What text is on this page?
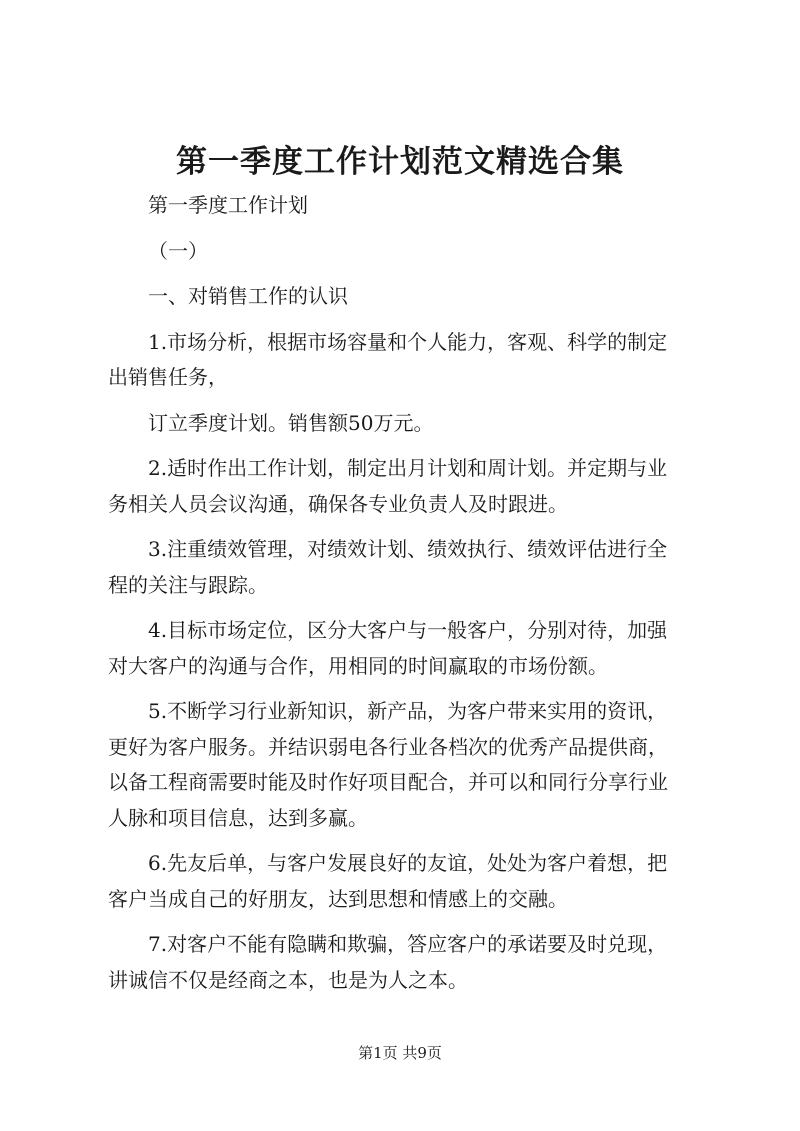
第一季度工作计划范文精选合集
第一季度工作计划
（一）
一、对销售工作的认识
1.市场分析，根据市场容量和个人能力，客观、科学的制定
出销售任务，
订立季度计划。销售额50万元。
2.适时作出工作计划，制定出月计划和周计划。并定期与业
务相关人员会议沟通，确保各专业负责人及时跟进。
3.注重绩效管理，对绩效计划、绩效执行、绩效评估进行全
程的关注与跟踪。
4.目标市场定位，区分大客户与一般客户，分别对待，加强
对大客户的沟通与合作，用相同的时间赢取的市场份额。
5.不断学习行业新知识，新产品，为客户带来实用的资讯，
更好为客户服务。并结识弱电各行业各档次的优秀产品提供商，
以备工程商需要时能及时作好项目配合，并可以和同行分享行业
人脉和项目信息，达到多赢。
6.先友后单，与客户发展良好的友谊，处处为客户着想，把
客户当成自己的好朋友，达到思想和情感上的交融。
7.对客户不能有隐瞒和欺骗，答应客户的承诺要及时兑现，
讲诚信不仅是经商之本，也是为人之本。
第1页 共9页
